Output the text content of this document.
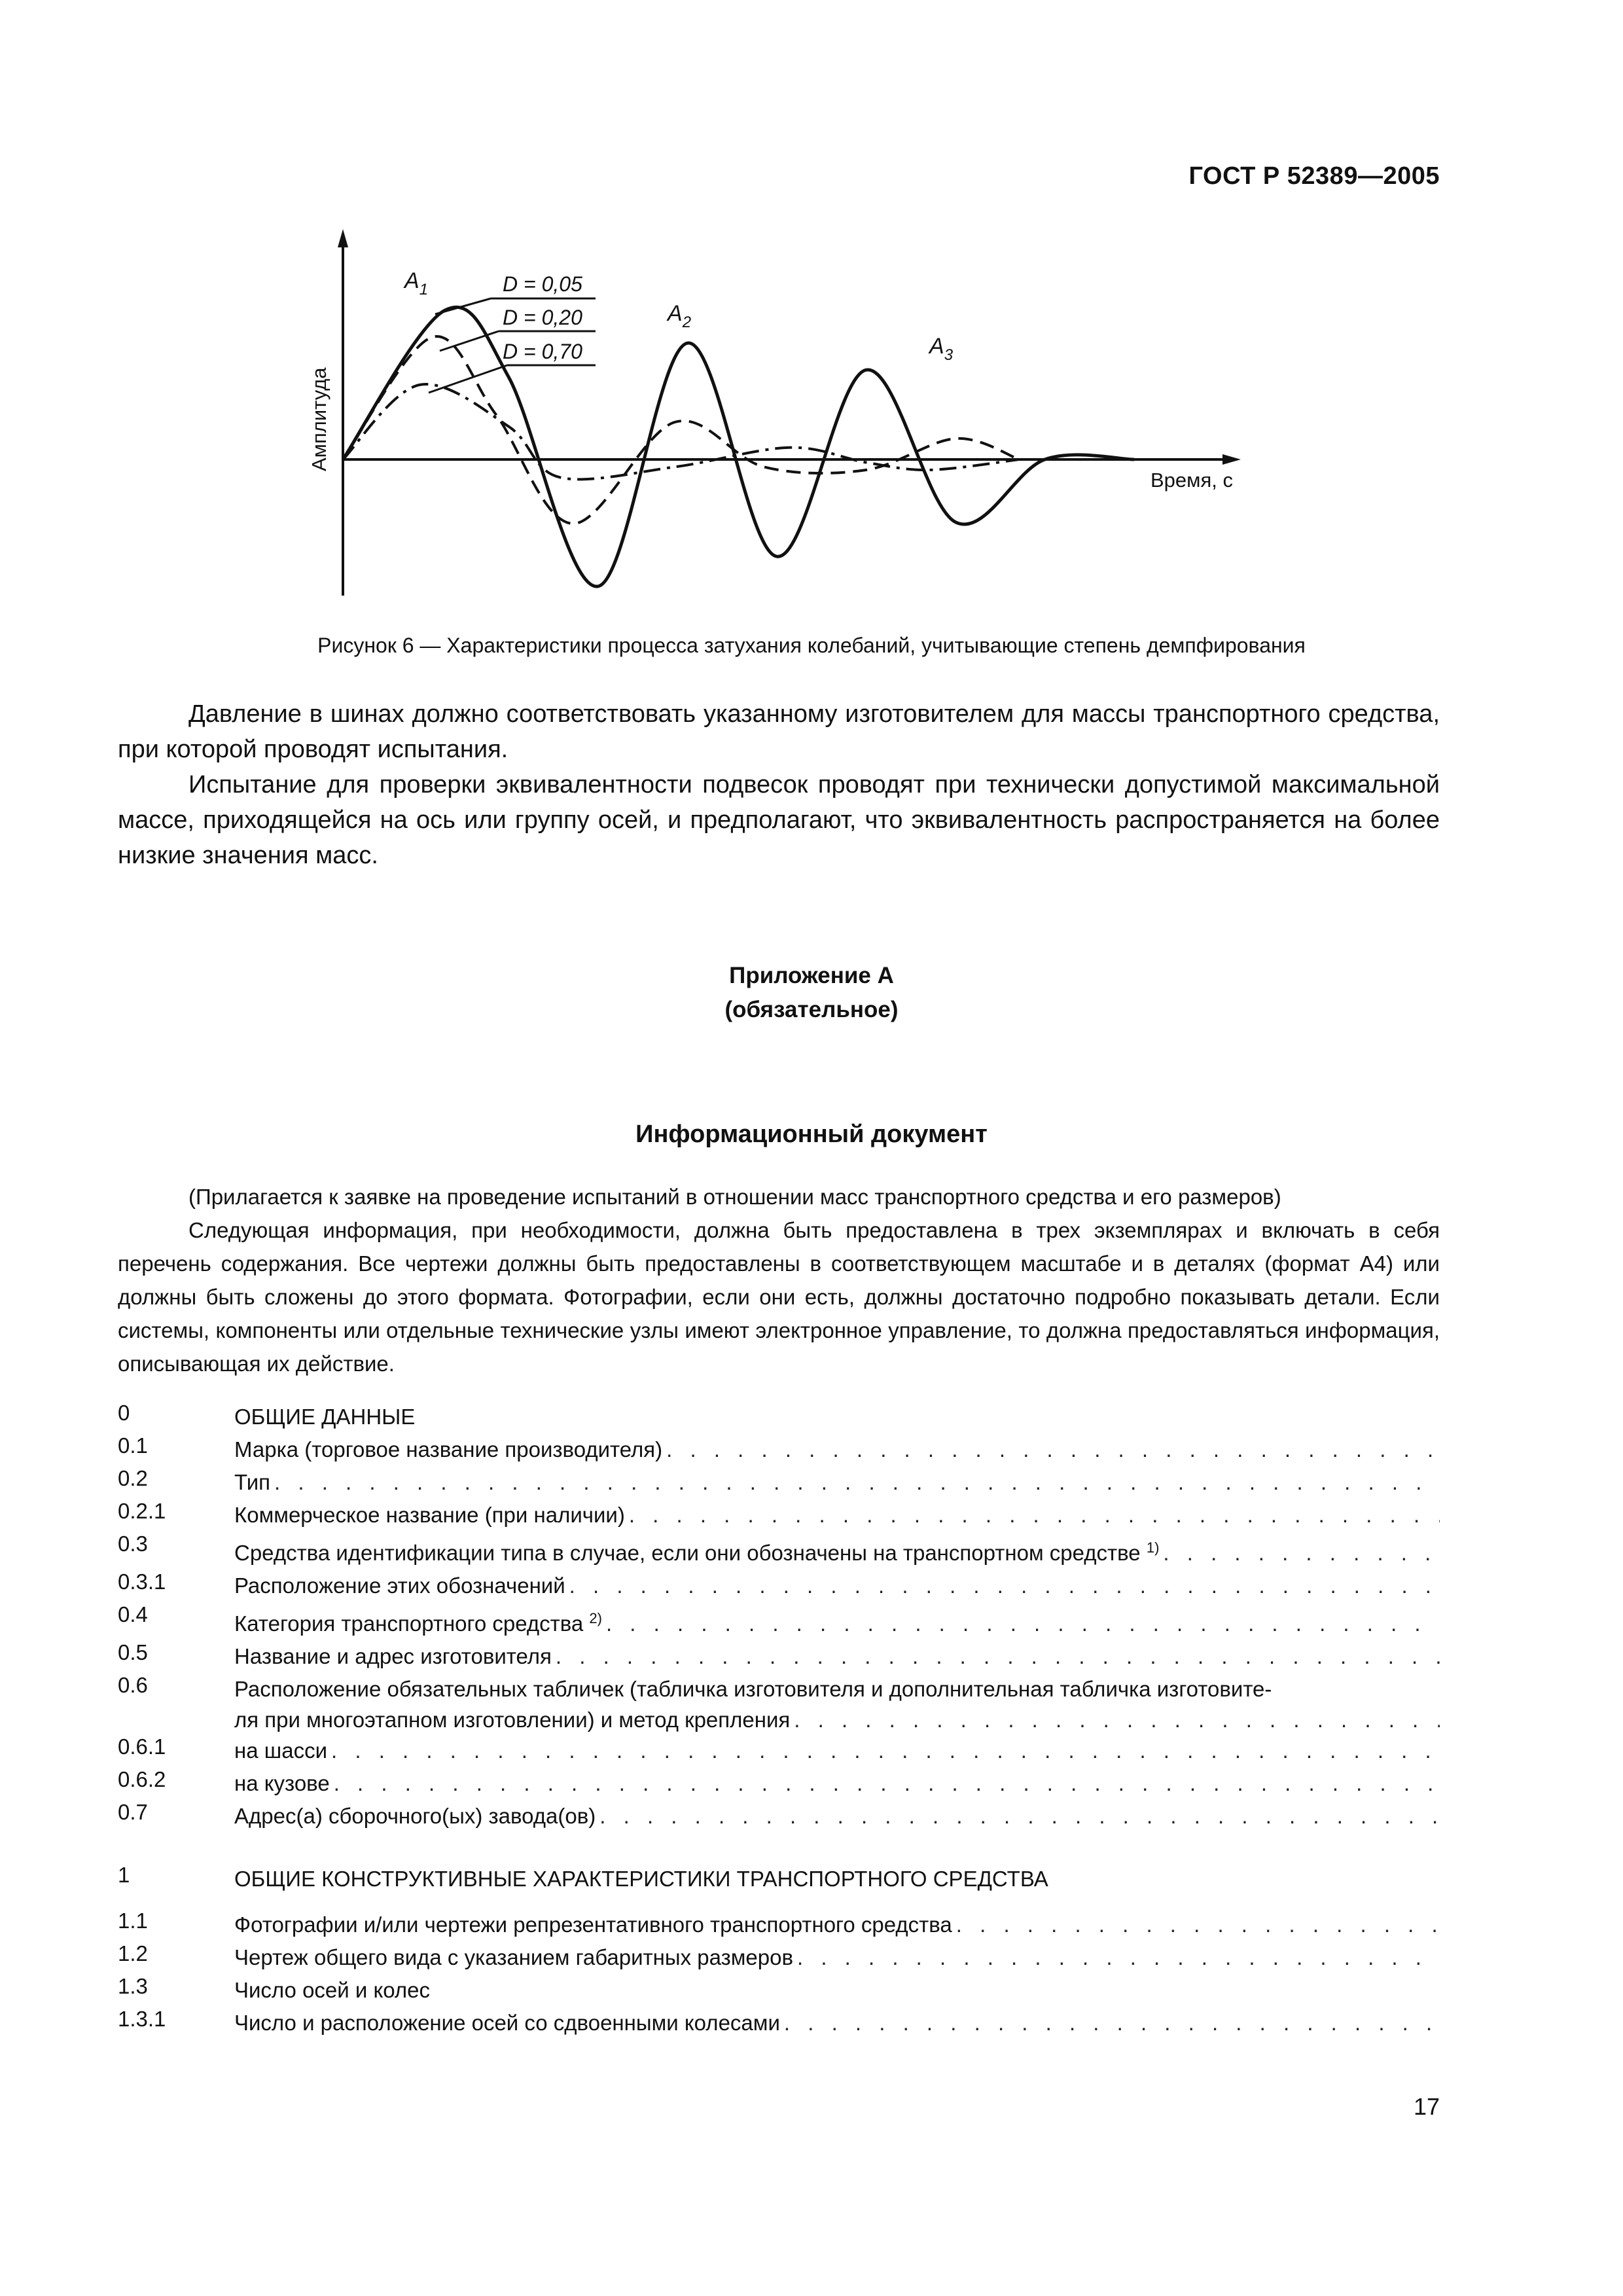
ГОСТ Р 52389—2005
D = 0,05
D = 0,20
D = 0,70
$A_1$
$A_2$
$A_3$
Амплитуда
Время, с
Рисунок 6 — Характеристики процесса затухания колебаний, учитывающие степень демпфирования

Давление в шинах должно соответствовать указанному изготовителем для массы транспортного средства, при которой проводят испытания.

Испытание для проверки эквивалентности подвесок проводят при технически допустимой максимальной массе, приходящейся на ось или группу осей, и предполагают, что эквивалентность распространяется на более низкие значения масс.

Приложение А
(обязательное)
Информационный документ

(Прилагается к заявке на проведение испытаний в отношении масс транспортного средства и его размеров)

Следующая информация, при необходимости, должна быть предоставлена в трех экземплярах и включать в себя перечень содержания. Все чертежи должны быть предоставлены в соответствующем масштабе и в деталях (формат А4) или должны быть сложены до этого формата. Фотографии, если они есть, должны достаточно подробно показывать детали. Если системы, компоненты или отдельные технические узлы имеют электронное управление, то должна предоставляться информация, описывающая их действие.

0	ОБЩИЕ ДАННЫЕ
0.1	Марка (торговое название производителя)
. . .
0.2	Тип
. . .
0.2.1	Коммерческое название (при наличии)
. . .
0.3	Средства идентификации типа в случае, если они обозначены на транспортном средстве $^{1)}$
. . .
0.3.1	Расположение этих обозначений
. . .
0.4	Категория транспортного средства $^{2)}$
. . .
0.5	Название и адрес изготовителя
. . .
0.6	Расположение обязательных табличек (табличка изготовителя и дополнительная табличка изготовите-
ля при многоэтапном изготовлении) и метод крепления
. . .
0.6.1	на шасси
. . .
0.6.2	на кузове
. . .
0.7	Адрес(а) сборочного(ых) завода(ов)
. . .
1	ОБЩИЕ КОНСТРУКТИВНЫЕ ХАРАКТЕРИСТИКИ ТРАНСПОРТНОГО СРЕДСТВА
1.1	Фотографии и/или чертежи репрезентативного транспортного средства
. . .
1.2	Чертеж общего вида с указанием габаритных размеров
. . .
1.3	Число осей и колес
1.3.1	Число и расположение осей со сдвоенными колесами
. . .
17
